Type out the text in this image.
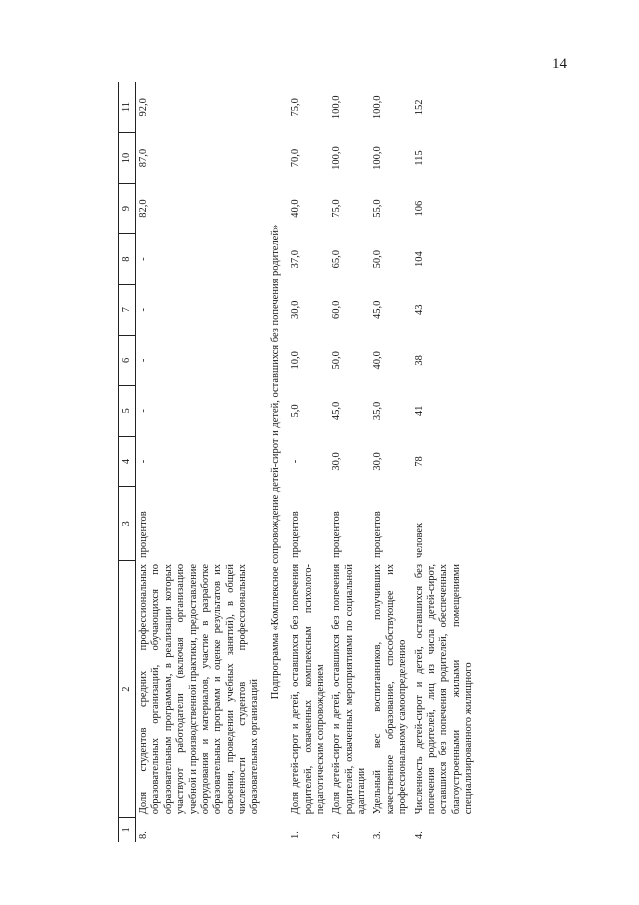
14
1	2	3	4	5	6	7	8	9	10	11
8.	Доля студентов средних профессиональных образовательных организаций, обучающихся по образовательным программам, в реализации которых участвуют работодатели (включая организацию учебной и производственной практики, предоставление оборудования и материалов, участие в разработке образовательных программ и оценке результатов их освоения, проведении учебных занятий), в общей численности студентов профессиональных образовательных организаций	процентов	-	-	-	-	-	82,0	87,0	92,0
Подпрограмма «Комплексное сопровождение детей-сирот и детей, оставшихся без попечения родителей»										
1.	Доля детей-сирот и детей, оставшихся без попечения родителей, охваченных комплексным психолого-педагогическим сопровождением	процентов	-	5,0	10,0	30,0	37,0	40,0	70,0	75,0
2.	Доля детей-сирот и детей, оставшихся без попечения родителей, охваченных мероприятиями по социальной адаптации	процентов	30,0	45,0	50,0	60,0	65,0	75,0	100,0	100,0
3.	Удельный вес воспитанников, получивших качественное образование, способствующее их профессиональному самоопределению	процентов	30,0	35,0	40,0	45,0	50,0	55,0	100,0	100,0
4.	Численность детей-сирот и детей, оставшихся без попечения родителей, лиц из числа детей-сирот, оставшихся без попечения родителей, обеспеченных благоустроенными жилыми помещениями специализированного жилищного	человек	78	41	38	43	104	106	115	152
